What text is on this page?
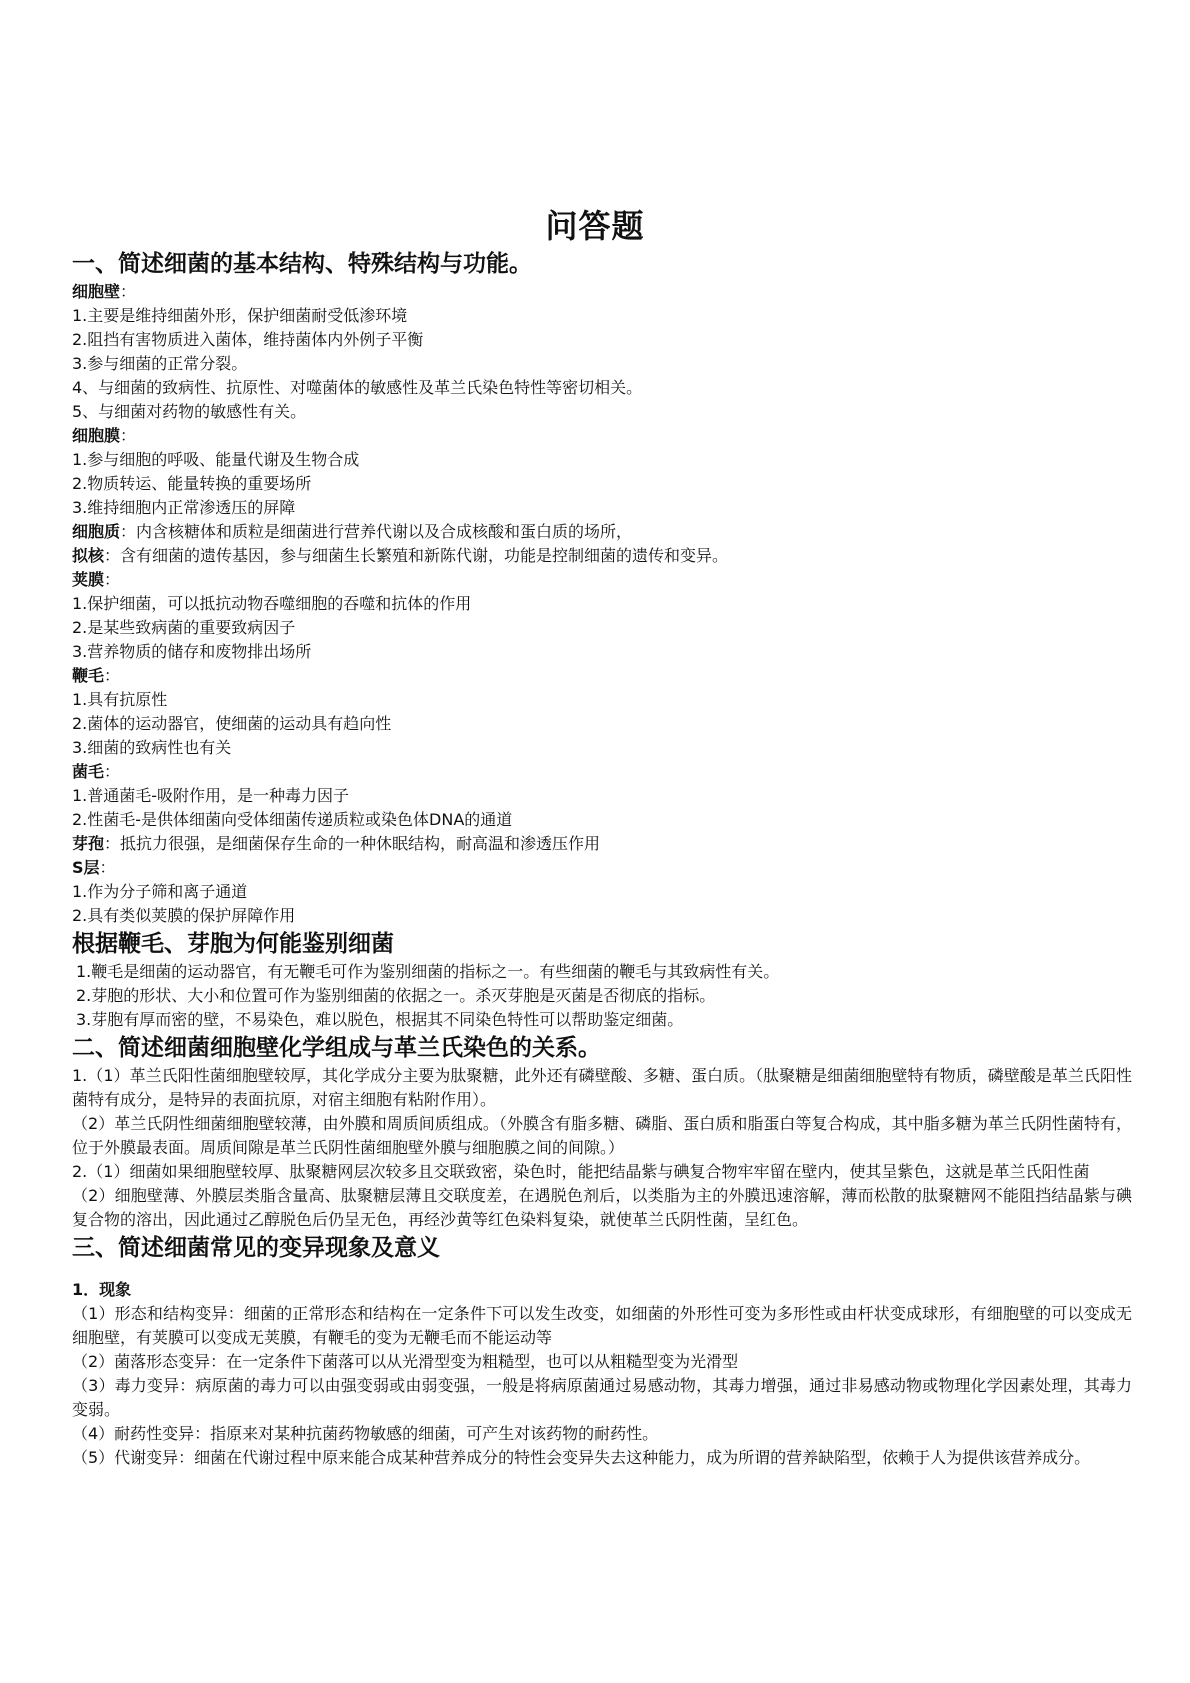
问答题
一、简述细菌的基本结构、特殊结构与功能。
细胞壁：
1.主要是维持细菌外形，保护细菌耐受低渗环境
2.阻挡有害物质进入菌体，维持菌体内外例子平衡
3.参与细菌的正常分裂。
4、与细菌的致病性、抗原性、对噬菌体的敏感性及革兰氏染色特性等密切相关。
5、与细菌对药物的敏感性有关。
细胞膜：
1.参与细胞的呼吸、能量代谢及生物合成
2.物质转运、能量转换的重要场所
3.维持细胞内正常渗透压的屏障
细胞质：内含核糖体和质粒是细菌进行营养代谢以及合成核酸和蛋白质的场所，
拟核：含有细菌的遗传基因，参与细菌生长繁殖和新陈代谢，功能是控制细菌的遗传和变异。
荚膜：
1.保护细菌，可以抵抗动物吞噬细胞的吞噬和抗体的作用
2.是某些致病菌的重要致病因子
3.营养物质的储存和废物排出场所
鞭毛：
1.具有抗原性
2.菌体的运动器官，使细菌的运动具有趋向性
3.细菌的致病性也有关
菌毛：
1.普通菌毛-吸附作用，是一种毒力因子
2.性菌毛-是供体细菌向受体细菌传递质粒或染色体DNA的通道
芽孢：抵抗力很强，是细菌保存生命的一种休眠结构，耐高温和渗透压作用
S层：
1.作为分子筛和离子通道
2.具有类似荚膜的保护屏障作用
根据鞭毛、芽胞为何能鉴别细菌
1.鞭毛是细菌的运动器官，有无鞭毛可作为鉴别细菌的指标之一。有些细菌的鞭毛与其致病性有关。
2.芽胞的形状、大小和位置可作为鉴别细菌的依据之一。杀灭芽胞是灭菌是否彻底的指标。
3.芽胞有厚而密的壁，不易染色，难以脱色，根据其不同染色特性可以帮助鉴定细菌。
二、简述细菌细胞壁化学组成与革兰氏染色的关系。
1.（1）革兰氏阳性菌细胞壁较厚，其化学成分主要为肽聚糖，此外还有磷壁酸、多糖、蛋白质。（肽聚糖是细菌细胞壁特有物质，磷壁酸是革兰氏阳性菌特有成分，是特异的表面抗原，对宿主细胞有粘附作用）。
（2）革兰氏阴性细菌细胞壁较薄，由外膜和周质间质组成。（外膜含有脂多糖、磷脂、蛋白质和脂蛋白等复合构成，其中脂多糖为革兰氏阴性菌特有，位于外膜最表面。周质间隙是革兰氏阴性菌细胞壁外膜与细胞膜之间的间隙。）
2.（1）细菌如果细胞壁较厚、肽聚糖网层次较多且交联致密，染色时，能把结晶紫与碘复合物牢牢留在壁内，使其呈紫色，这就是革兰氏阳性菌
（2）细胞壁薄、外膜层类脂含量高、肽聚糖层薄且交联度差，在遇脱色剂后，以类脂为主的外膜迅速溶解，薄而松散的肽聚糖网不能阻挡结晶紫与碘复合物的溶出，因此通过乙醇脱色后仍呈无色，再经沙黄等红色染料复染，就使革兰氏阴性菌，呈红色。
三、简述细菌常见的变异现象及意义
1．现象
（1）形态和结构变异：细菌的正常形态和结构在一定条件下可以发生改变，如细菌的外形性可变为多形性或由杆状变成球形，有细胞壁的可以变成无细胞壁，有荚膜可以变成无荚膜，有鞭毛的变为无鞭毛而不能运动等
（2）菌落形态变异：在一定条件下菌落可以从光滑型变为粗糙型，也可以从粗糙型变为光滑型
（3）毒力变异：病原菌的毒力可以由强变弱或由弱变强，一般是将病原菌通过易感动物，其毒力增强，通过非易感动物或物理化学因素处理，其毒力变弱。
（4）耐药性变异：指原来对某种抗菌药物敏感的细菌，可产生对该药物的耐药性。
（5）代谢变异：细菌在代谢过程中原来能合成某种营养成分的特性会变异失去这种能力，成为所谓的营养缺陷型，依赖于人为提供该营养成分。
